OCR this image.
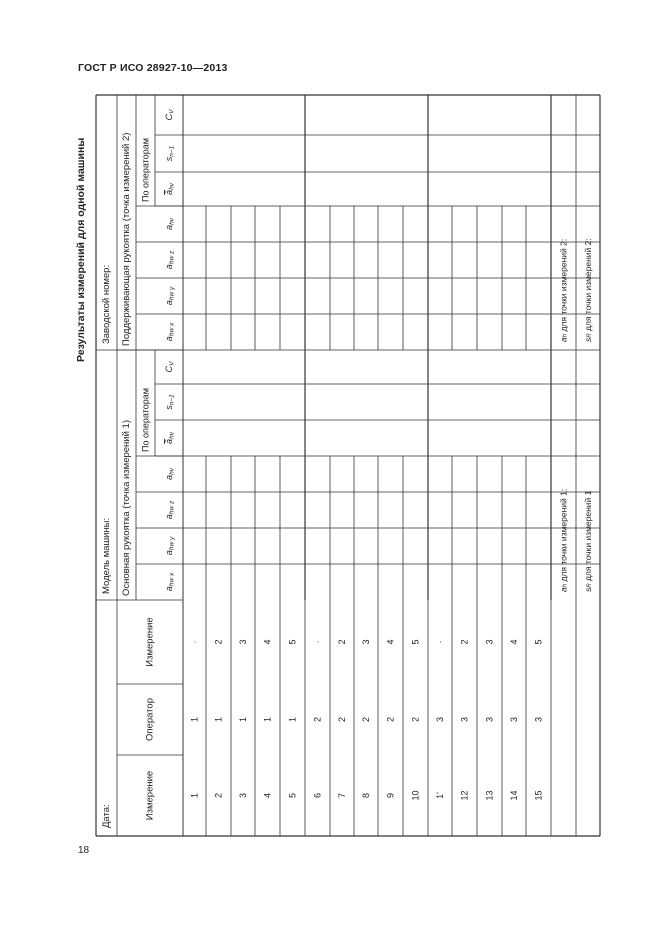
ГОСТ Р ИСО 28927-10—2013
Результаты измерений для одной машины
18
Дата:
Модель машины:
Заводской номер:
Измерение
Оператор
Измерение
Основная рукоятка (точка измерений 1)
Поддерживающая рукоятка (точка измерений 2)
По операторам
По операторам
$a_{hw x}$
$a_{hw y}$
$a_{hw z}$
$a_{hv}$
$ā_{hv}$
$s_{n-1}$
$C_V$
$a_{hw x}$
$a_{hw y}$
$a_{hw z}$
$a_{hv}$
$ā_{hv}$
$s_{n-1}$
$C_V$
1
1
·
2
1
2
3
1
3
4
1
4
5
1
5
6
2
·
7
2
2
8
2
3
9
2
4
10
2
5
1'
3
·
12
3
2
13
3
3
14
3
4
15
3
5
$a_h$ для точки измерений 1:
$s_R$ для точки измерений 1
$a_h$ для точки измерений 2:
$s_R$ для точки измерений 2:
